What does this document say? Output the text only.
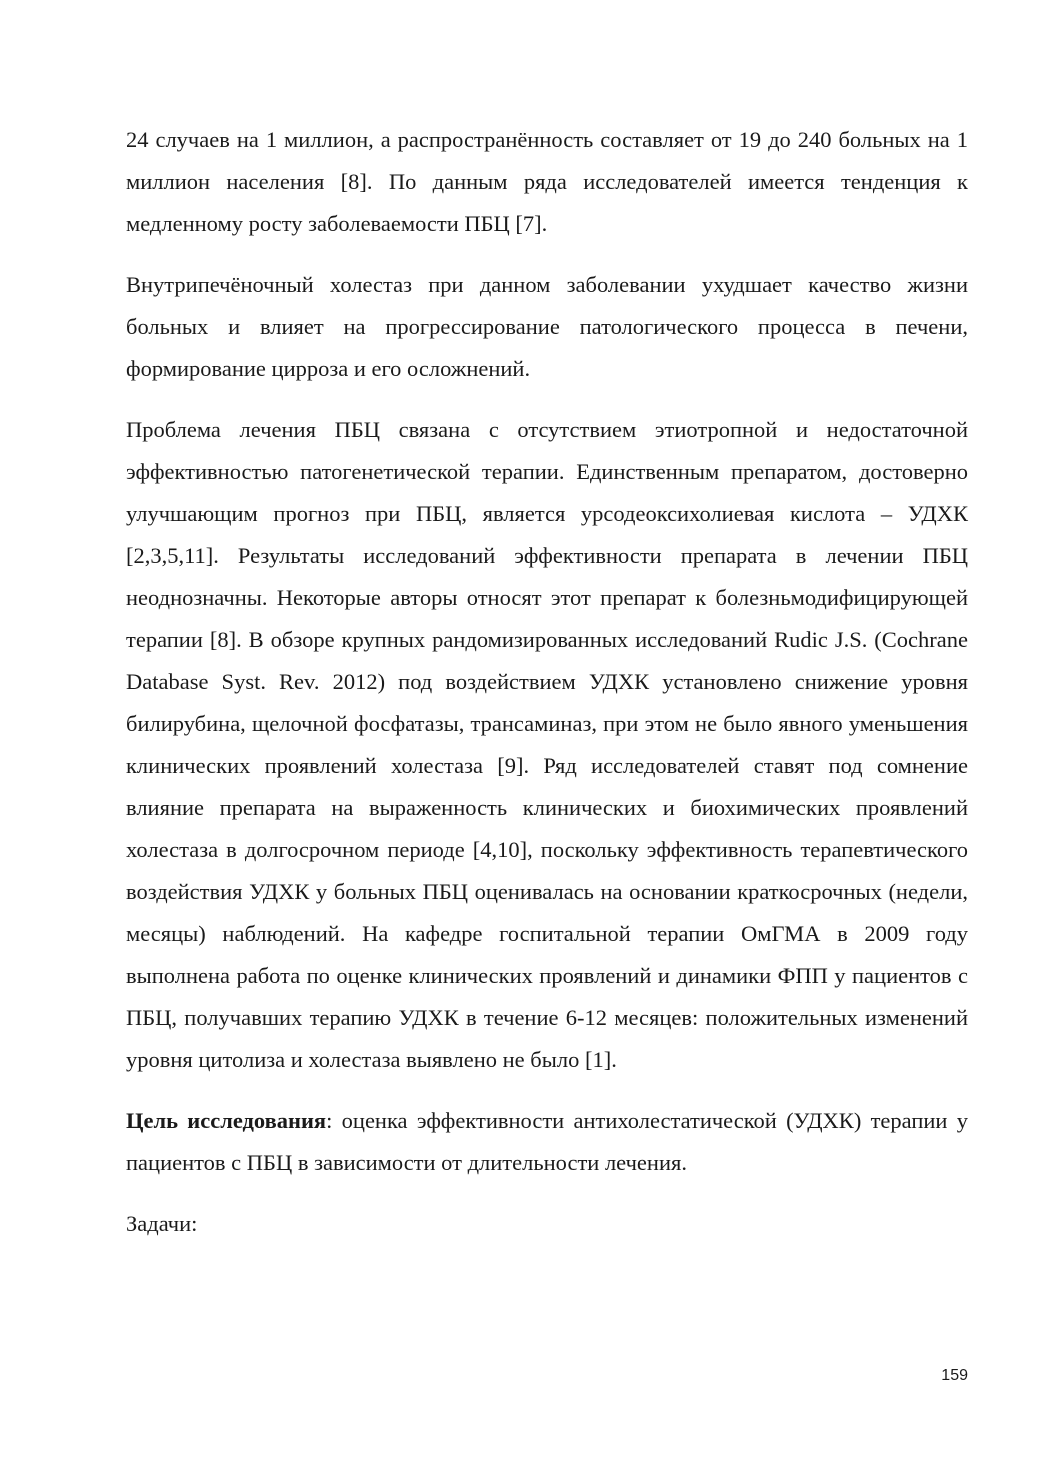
24 случаев на 1 миллион, а распространённость составляет от 19 до 240 больных на 1 миллион населения [8]. По данным ряда исследователей имеется тенденция к медленному росту заболеваемости ПБЦ [7].

Внутрипечёночный холестаз при данном заболевании ухудшает качество жизни больных и влияет на прогрессирование патологического процесса в печени, формирование цирроза и его осложнений.

Проблема лечения ПБЦ связана с отсутствием этиотропной и недостаточной эффективностью патогенетической терапии. Единственным препаратом, достоверно улучшающим прогноз при ПБЦ, является урсодеоксихолиевая кислота – УДХК [2,3,5,11]. Результаты исследований эффективности препарата в лечении ПБЦ неоднозначны. Некоторые авторы относят этот препарат к болезньмодифицирующей терапии [8]. В обзоре крупных рандомизированных исследований Rudic J.S. (Cochrane Database Syst. Rev. 2012) под воздействием УДХК установлено снижение уровня билирубина, щелочной фосфатазы, трансаминаз, при этом не было явного уменьшения клинических проявлений холестаза [9]. Ряд исследователей ставят под сомнение влияние препарата на выраженность клинических и биохимических проявлений холестаза в долгосрочном периоде [4,10], поскольку эффективность терапевтического воздействия УДХК у больных ПБЦ оценивалась на основании краткосрочных (недели, месяцы) наблюдений. На кафедре госпитальной терапии ОмГМА в 2009 году выполнена работа по оценке клинических проявлений и динамики ФПП у пациентов с ПБЦ, получавших терапию УДХК в течение 6-12 месяцев: положительных изменений уровня цитолиза и холестаза выявлено не было [1].

Цель исследования: оценка эффективности антихолестатической (УДХК) терапии у пациентов с ПБЦ в зависимости от длительности лечения.

Задачи:

159
